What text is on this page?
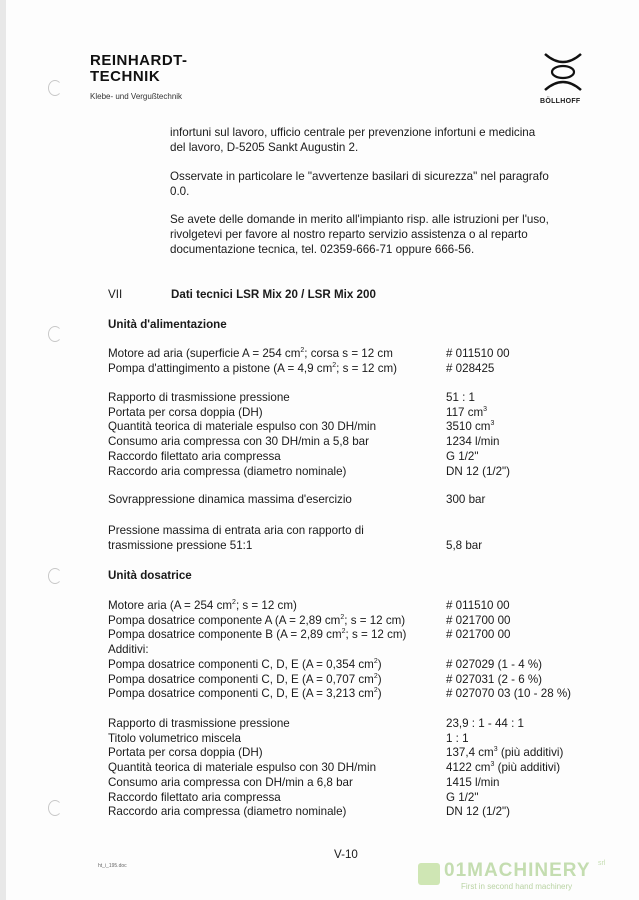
REINHARDT-
TECHNIK
Klebe- und Vergußtechnik
BÖLLHOFF
infortuni sul lavoro, ufficio centrale per prevenzione infortuni e medicina
del lavoro, D-5205 Sankt Augustin 2.
Osservate in particolare le "avvertenze basilari di sicurezza" nel paragrafo
0.0.
Se avete delle domande in merito all'impianto risp. alle istruzioni per l'uso,
rivolgetevi per favore al nostro reparto servizio assistenza o al reparto
documentazione tecnica, tel. 02359-666-71 oppure 666-56.
VII	Dati tecnici LSR Mix 20 / LSR Mix 200
Unità d'alimentazione
Motore ad aria (superficie A = 254 $cm^2$; corsa s = 12 cm	# 011510 00
Pompa d'attingimento a pistone (A = 4,9 $cm^2$; s = 12 cm)	# 028425
Rapporto di trasmissione pressione	51 : 1
Portata per corsa doppia (DH)	117 $cm^3$
Quantità teorica di materiale espulso con 30 DH/min	3510 $cm^3$
Consumo aria compressa con 30 DH/min a 5,8 bar	1234 l/min
Raccordo filettato aria compressa	G 1/2"
Raccordo aria compressa (diametro nominale)	DN 12 (1/2")
Sovrappressione dinamica massima d'esercizio	300 bar
Pressione massima di entrata aria con rapporto di
trasmissione pressione 51:1	5,8 bar
Unità dosatrice
Motore aria (A = 254 $cm^2$; s = 12 cm)	# 011510 00
Pompa dosatrice componente A (A = 2,89 $cm^2$; s = 12 cm)	# 021700 00
Pompa dosatrice componente B (A = 2,89 $cm^2$; s = 12 cm)	# 021700 00
Additivi:
Pompa dosatrice componenti C, D, E (A = 0,354 $cm^2$)	# 027029 (1 - 4 %)
Pompa dosatrice componenti C, D, E (A = 0,707 $cm^2$)	# 027031 (2 - 6 %)
Pompa dosatrice componenti C, D, E (A = 3,213 $cm^2$)	# 027070 03 (10 - 28 %)
Rapporto di trasmissione pressione	23,9 : 1 - 44 : 1
Titolo volumetrico miscela	1 : 1
Portata per corsa doppia (DH)	137,4 $cm^3$ (più additivi)
Quantità teorica di materiale espulso con 30 DH/min	4122 $cm^3$ (più additivi)
Consumo aria compressa con DH/min a 6,8 bar	1415 l/min
Raccordo filettato aria compressa	G 1/2"
Raccordo aria compressa (diametro nominale)	DN 12 (1/2")
V-10
ht_i_195.doc	01MACHINERY srl
First in second hand machinery
